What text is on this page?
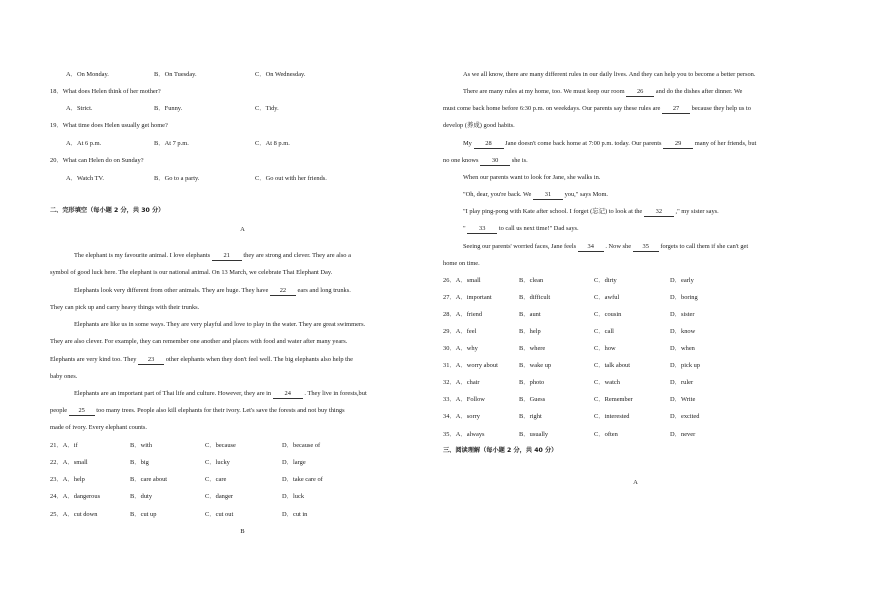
A．On Monday.	B．On Tuesday.	C．On Wednesday.
18．What does Helen think of her mother?
A．Strict.	B．Funny.	C．Tidy.
19．What time does Helen usually get home?
A．At 6 p.m.	B．At 7 p.m.	C．At 8 p.m.
20．What can Helen do on Sunday?
A．Watch TV.	B．Go to a party.	C．Go out with her friends.
二、完形填空（每小题 2 分，共 30 分）
A
The elephant is my favourite animal. I love elephants 21 they are strong and clever. They are also a
symbol of good luck here. The elephant is our national animal. On 13 March, we celebrate Thai Elephant Day.
Elephants look very different from other animals. They are huge. They have 22 ears and long trunks.
They can pick up and carry heavy things with their trunks.
Elephants are like us in some ways. They are very playful and love to play in the water. They are great swimmers.
They are also clever. For example, they can remember one another and places with food and water after many years.
Elephants are very kind too. They 23 other elephants when they don't feel well. The big elephants also help the
baby ones.
Elephants are an important part of Thai life and culture. However, they are in 24 . They live in forests,but
people 25 too many trees. People also kill elephants for their ivory. Let's save the forests and not buy things
made of ivory. Every elephant counts.
21．A．if	B．with	C．because	D．because of
22．A．small	B．big	C．lucky	D．large
23．A．help	B．care about	C．care	D．take care of
24．A．dangerous	B．duty	C．danger	D．luck
25．A．cut down	B．cut up	C．cut out	D．cut in
B
As we all know, there are many different rules in our daily lives. And they can help you to become a better person.
There are many rules at my home, too. We must keep our room 26 and do the dishes after dinner. We
must come back home before 6:30 p.m. on weekdays. Our parents say these rules are 27 because they help us to
develop (养成) good habits.
My 28 Jane doesn't come back home at 7:00 p.m. today. Our parents 29 many of her friends, but
no one knows 30 she is.
When our parents want to look for Jane, she walks in.
"Oh, dear, you're back. We 31 you," says Mom.
"I play ping-pong with Kate after school. I forget (忘记) to look at the 32 ," my sister says.
" 33 to call us next time!" Dad says.
Seeing our parents' worried faces, Jane feels 34 . Now she 35 forgets to call them if she can't get
home on time.
26．A．small	B．clean	C．dirty	D．early
27．A．important	B．difficult	C．awful	D．boring
28．A．friend	B．aunt	C．cousin	D．sister
29．A．feel	B．help	C．call	D．know
30．A．why	B．where	C．how	D．when
31．A．worry about	B．wake up	C．talk about	D．pick up
32．A．chair	B．photo	C．watch	D．ruler
33．A．Follow	B．Guess	C．Remember	D．Write
34．A．sorry	B．right	C．interested	D．excited
35．A．always	B．usually	C．often	D．never
三、阅读理解（每小题 2 分，共 40 分）
A
